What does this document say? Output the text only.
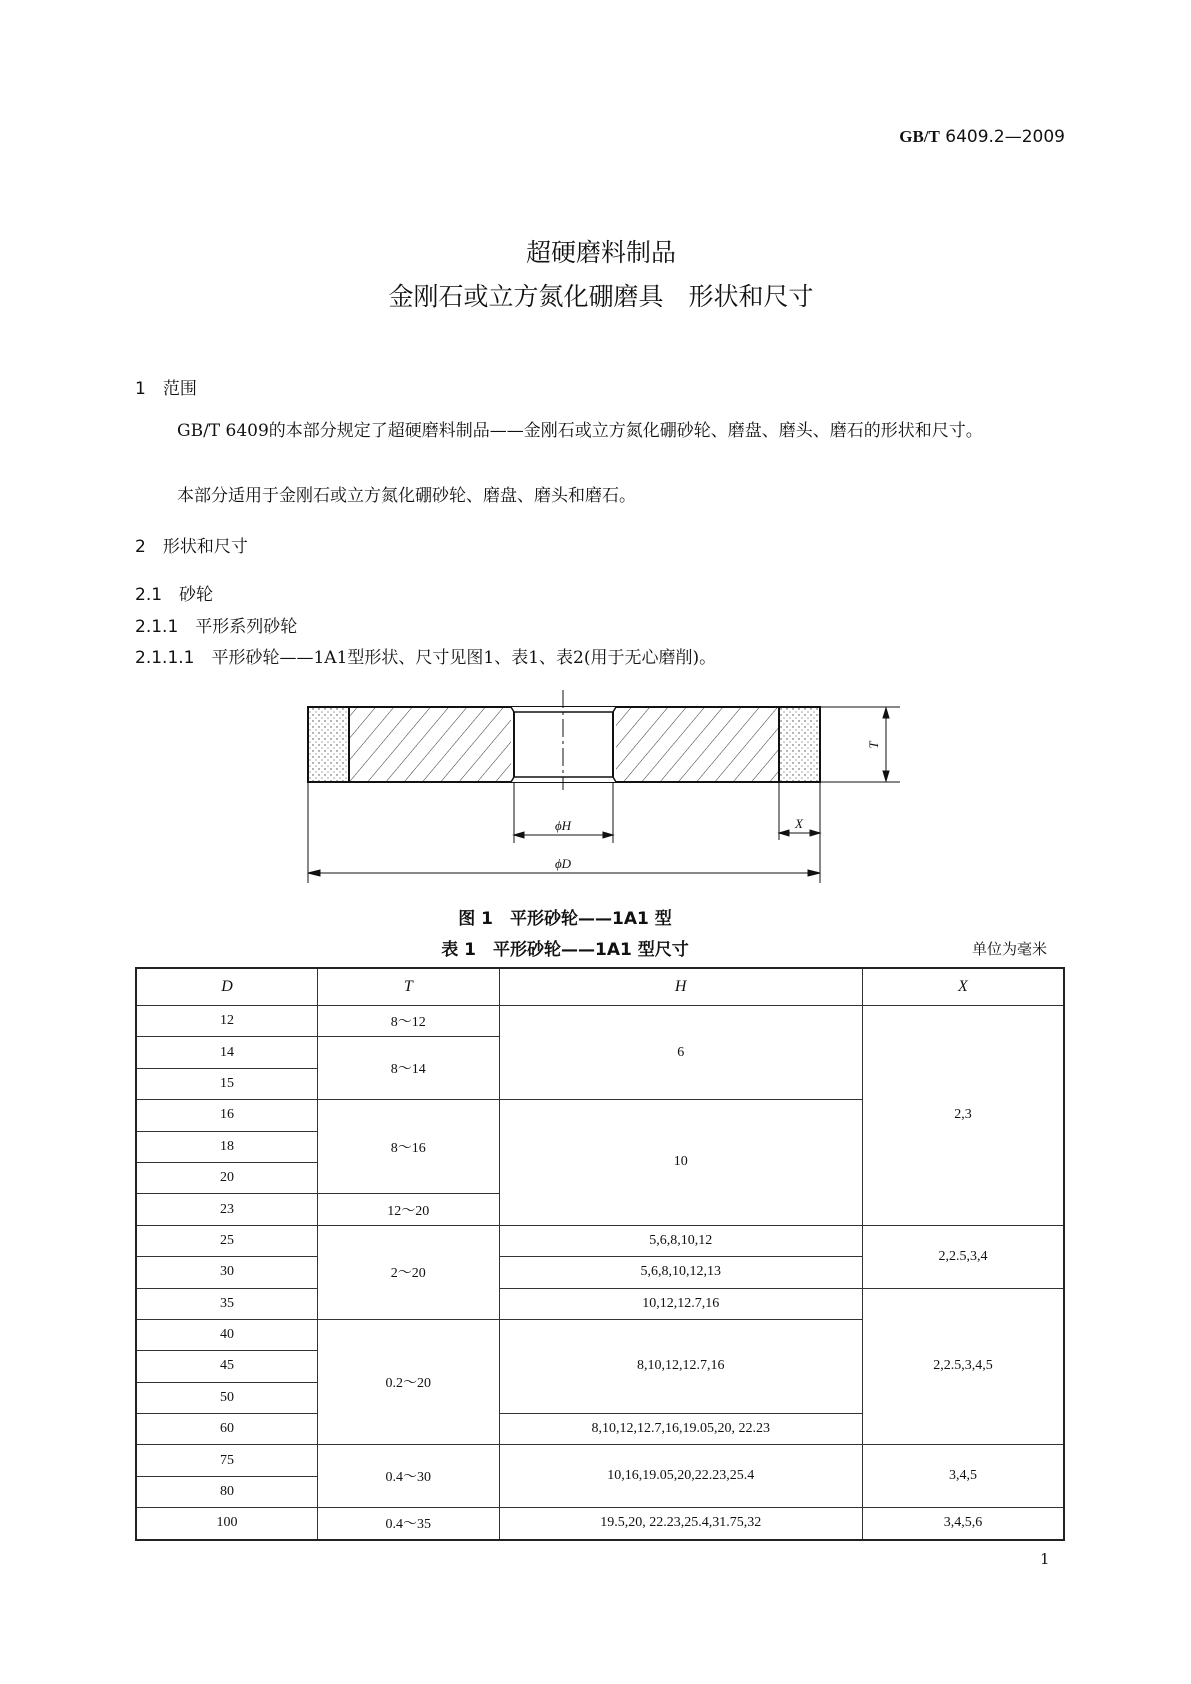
GB/T 6409.2—2009
超硬磨料制品
金刚石或立方氮化硼磨具　形状和尺寸
1　范围
GB/T 6409的本部分规定了超硬磨料制品——金刚石或立方氮化硼砂轮、磨盘、磨头、磨石的形状和尺寸。
本部分适用于金刚石或立方氮化硼砂轮、磨盘、磨头和磨石。
2　形状和尺寸
2.1　砂轮
2.1.1　平形系列砂轮
2.1.1.1　 平形砂轮——1A1型形状、尺寸见图1、表1、表2(用于无心磨削)。
T
ϕH	X
ϕD
图 1　平形砂轮——1A1 型
表 1　平形砂轮——1A1 型尺寸	单位为毫米
D	T	H	X
12	8～12	6	2,3
14	8～14		
15			
16	8～16	10	
18			
20			
23	12～20		
25	2～20	5,6,8,10,12	2,2.5,3,4
30		5,6,8,10,12,13	
35		10,12,12.7,16	2,2.5,3,4,5
40	0.2～20	8,10,12,12.7,16	
45			
50			
60		8,10,12,12.7,16,19.05,20, 22.23	
75	0.4～30	10,16,19.05,20,22.23,25.4	3,4,5
80			
100	0.4～35	19.5,20, 22.23,25.4,31.75,32	3,4,5,6
1
